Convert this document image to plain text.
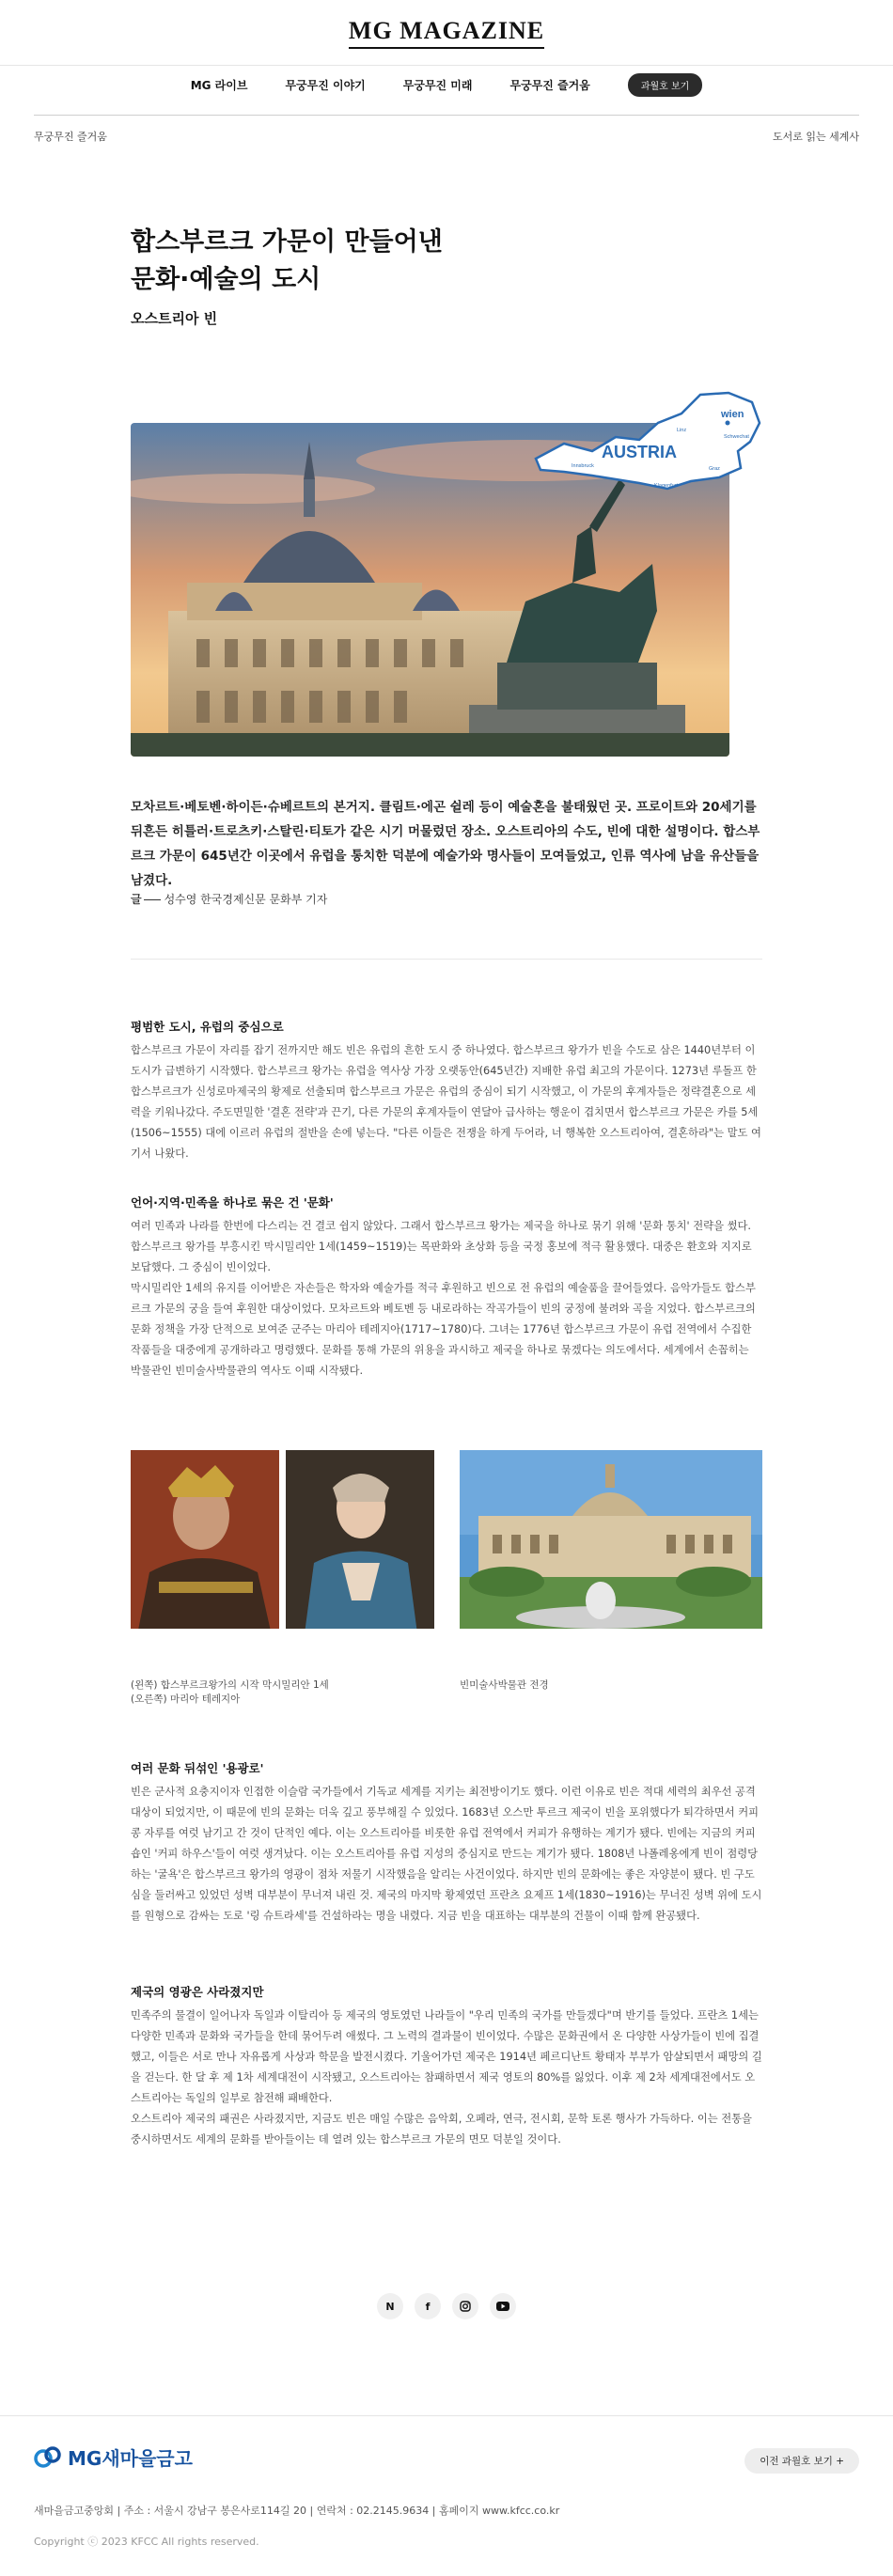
MG MAGAZINE
MG 라이브	무궁무진 이야기	무궁무진 미래	무궁무진 즐거움	과월호 보기
무궁무진 즐거움	도서로 읽는 세계사
합스부르크 가문이 만들어낸
문화·예술의 도시
오스트리아 빈
AUSTRIA
wien
Linz
Schwechat
Innsbruck	Graz
Klagenfurt
모차르트·베토벤·하이든·슈베르트의 본거지. 클림트·에곤 쉴레 등이 예술혼을 불태웠던 곳. 프로이트와 20세기를 뒤흔든 히틀러·트로츠키·스탈린·티토가 같은 시기 머물렀던 장소. 오스트리아의 수도, 빈에 대한 설명이다. 합스부르크 가문이 645년간 이곳에서 유럽을 통치한 덕분에 예술가와 명사들이 모여들었고, 인류 역사에 남을 유산들을 남겼다.
글 성수영 한국경제신문 문화부 기자
평범한 도시, 유럽의 중심으로

합스부르크 가문이 자리를 잡기 전까지만 해도 빈은 유럽의 흔한 도시 중 하나였다. 합스부르크 왕가가 빈을 수도로 삼은 1440년부터 이 도시가 급변하기 시작했다. 합스부르크 왕가는 유럽을 역사상 가장 오랫동안(645년간) 지배한 유럽 최고의 가문이다. 1273년 루돌프 한 합스부르크가 신성로마제국의 황제로 선출되며 합스부르크 가문은 유럽의 중심이 되기 시작했고, 이 가문의 후계자들은 정략결혼으로 세력을 키워나갔다. 주도면밀한 '결혼 전략'과 끈기, 다른 가문의 후계자들이 연달아 급사하는 행운이 겹치면서 합스부르크 가문은 카를 5세(1506~1555) 대에 이르러 유럽의 절반을 손에 넣는다. "다른 이들은 전쟁을 하게 두어라, 너 행복한 오스트리아여, 결혼하라"는 말도 여기서 나왔다.

언어·지역·민족을 하나로 묶은 건 '문화'

여러 민족과 나라를 한번에 다스리는 건 결코 쉽지 않았다. 그래서 합스부르크 왕가는 제국을 하나로 묶기 위해 '문화 통치' 전략을 썼다. 합스부르크 왕가를 부흥시킨 막시밀리안 1세(1459~1519)는 목판화와 초상화 등을 국정 홍보에 적극 활용했다. 대중은 환호와 지지로 보답했다. 그 중심이 빈이었다.

막시밀리안 1세의 유지를 이어받은 자손들은 학자와 예술가를 적극 후원하고 빈으로 전 유럽의 예술품을 끌어들였다. 음악가들도 합스부르크 가문의 궁을 들여 후원한 대상이었다. 모차르트와 베토벤 등 내로라하는 작곡가들이 빈의 궁정에 불려와 곡을 지었다. 합스부르크의 문화 정책을 가장 단적으로 보여준 군주는 마리아 테레지아(1717~1780)다. 그녀는 1776년 합스부르크 가문이 유럽 전역에서 수집한 작품들을 대중에게 공개하라고 명령했다. 문화를 통해 가문의 위용을 과시하고 제국을 하나로 묶겠다는 의도에서다. 세계에서 손꼽히는 박물관인 빈미술사박물관의 역사도 이때 시작됐다.

(왼쪽) 합스부르크왕가의 시작 막시밀리안 1세
(오른쪽) 마리아 테레지아
빈미술사박물관 전경
여러 문화 뒤섞인 '용광로'

빈은 군사적 요충지이자 인접한 이슬람 국가들에서 기독교 세계를 지키는 최전방이기도 했다. 이런 이유로 빈은 적대 세력의 최우선 공격 대상이 되었지만, 이 때문에 빈의 문화는 더욱 깊고 풍부해질 수 있었다. 1683년 오스만 투르크 제국이 빈을 포위했다가 퇴각하면서 커피콩 자루를 여럿 남기고 간 것이 단적인 예다. 이는 오스트리아를 비롯한 유럽 전역에서 커피가 유행하는 계기가 됐다. 빈에는 지금의 커피숍인 '커피 하우스'들이 여럿 생겨났다. 이는 오스트리아를 유럽 지성의 중심지로 만드는 계기가 됐다. 1808년 나폴레옹에게 빈이 점령당하는 '굴욕'은 합스부르크 왕가의 영광이 점차 저물기 시작했음을 알리는 사건이었다. 하지만 빈의 문화에는 좋은 자양분이 됐다. 빈 구도심을 둘러싸고 있었던 성벽 대부분이 무너져 내린 것. 제국의 마지막 황제였던 프란츠 요제프 1세(1830~1916)는 무너진 성벽 위에 도시를 원형으로 감싸는 도로 '링 슈트라세'를 건설하라는 명을 내렸다. 지금 빈을 대표하는 대부분의 건물이 이때 함께 완공됐다.

제국의 영광은 사라졌지만

민족주의 물결이 일어나자 독일과 이탈리아 등 제국의 영토였던 나라들이 "우리 민족의 국가를 만들겠다"며 반기를 들었다. 프란츠 1세는 다양한 민족과 문화와 국가들을 한데 묶어두려 애썼다. 그 노력의 결과물이 빈이었다. 수많은 문화권에서 온 다양한 사상가들이 빈에 집결했고, 이들은 서로 만나 자유롭게 사상과 학문을 발전시켰다. 기울어가던 제국은 1914년 페르디난트 황태자 부부가 암살되면서 패망의 길을 걷는다. 한 달 후 제 1차 세계대전이 시작됐고, 오스트리아는 참패하면서 제국 영토의 80%를 잃었다. 이후 제 2차 세계대전에서도 오스트리아는 독일의 일부로 참전해 패배한다.

오스트리아 제국의 패권은 사라졌지만, 지금도 빈은 매일 수많은 음악회, 오페라, 연극, 전시회, 문학 토론 행사가 가득하다. 이는 전통을 중시하면서도 세계의 문화를 받아들이는 데 열려 있는 합스부르크 가문의 면모 덕분일 것이다.

N	f
MG새마을금고	이전 과월호 보기 +
새마을금고중앙회 | 주소 : 서울시 강남구 봉은사로114길 20 | 연락처 : 02.2145.9634 | 홈페이지 www.kfcc.co.kr
Copyright ⓒ 2023 KFCC All rights reserved.
